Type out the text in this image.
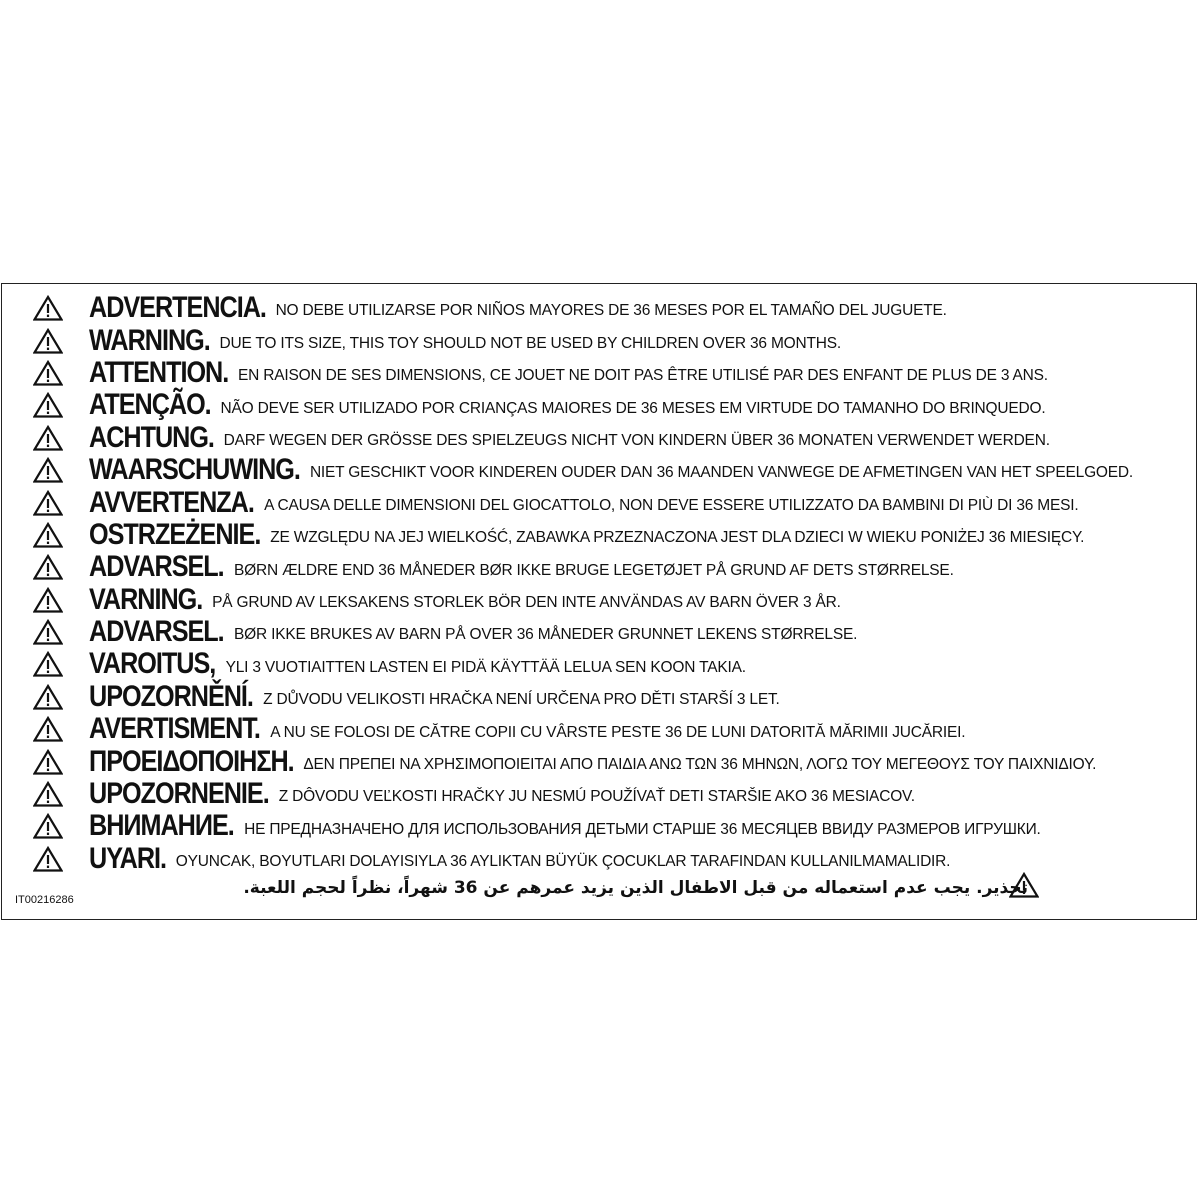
ADVERTENCIA. NO DEBE UTILIZARSE POR NIÑOS MAYORES DE 36 MESES POR EL TAMAÑO DEL JUGUETE.
WARNING. DUE TO ITS SIZE, THIS TOY SHOULD NOT BE USED BY CHILDREN OVER 36 MONTHS.
ATTENTION. EN RAISON DE SES DIMENSIONS, CE JOUET NE DOIT PAS ÊTRE UTILISÉ PAR DES ENFANT DE PLUS DE 3 ANS.
ATENÇÃO. NÃO DEVE SER UTILIZADO POR CRIANÇAS MAIORES DE 36 MESES EM VIRTUDE DO TAMANHO DO BRINQUEDO.
ACHTUNG. DARF WEGEN DER GRÖSSE DES SPIELZEUGS NICHT VON KINDERN ÜBER 36 MONATEN VERWENDET WERDEN.
WAARSCHUWING. NIET GESCHIKT VOOR KINDEREN OUDER DAN 36 MAANDEN VANWEGE DE AFMETINGEN VAN HET SPEELGOED.
AVVERTENZA. A CAUSA DELLE DIMENSIONI DEL GIOCATTOLO, NON DEVE ESSERE UTILIZZATO DA BAMBINI DI PIÙ DI 36 MESI.
OSTRZEŻENIE. ZE WZGLĘDU NA JEJ WIELKOŚĆ, ZABAWKA PRZEZNACZONA JEST DLA DZIECI W WIEKU PONIŻEJ 36 MIESIĘCY.
ADVARSEL. BØRN ÆLDRE END 36 MÅNEDER BØR IKKE BRUGE LEGETØJET PÅ GRUND AF DETS STØRRELSE.
VARNING. PÅ GRUND AV LEKSAKENS STORLEK BÖR DEN INTE ANVÄNDAS AV BARN ÖVER 3 ÅR.
ADVARSEL. BØR IKKE BRUKES AV BARN PÅ OVER 36 MÅNEDER GRUNNET LEKENS STØRRELSE.
VAROITUS, YLI 3 VUOTIAITTEN LASTEN EI PIDÄ KÄYTTÄÄ LELUA SEN KOON TAKIA.
UPOZORNĚNÍ. Z DŮVODU VELIKOSTI HRAČKA NENÍ URČENA PRO DĚTI STARŠÍ 3 LET.
AVERTISMENT. A NU SE FOLOSI DE CĂTRE COPII CU VÂRSTE PESTE 36 DE LUNI DATORITĂ MĂRIMII JUCĂRIEI.
ΠΡΟΕΙΔΟΠΟΙΗΣΗ. ΔΕΝ ΠΡΕΠΕΙ ΝΑ ΧΡΗΣΙΜΟΠΟΙΕΙΤΑΙ ΑΠΟ ΠΑΙΔΙΑ ΑΝΩ ΤΩΝ 36 ΜΗΝΩΝ, ΛΟΓΩ ΤΟΥ ΜΕΓΕΘΟΥΣ ΤΟΥ ΠΑΙΧΝΙΔΙΟΥ.
UPOZORNENIE. Z DÔVODU VEĽKOSTI HRAČKY JU NESMÚ POUŽÍVAŤ DETI STARŠIE AKO 36 MESIACOV.
ВНИМАНИЕ. НЕ ПРЕДНАЗНАЧЕНО ДЛЯ ИСПОЛЬЗОВАНИЯ ДЕТЬМИ СТАРШЕ 36 МЕСЯЦЕВ ВВИДУ РАЗМЕРОВ ИГРУШКИ.
UYARI. OYUNCAK, BOYUTLARI DOLAYISIYLA 36 AYLIKTAN BÜYÜK ÇOCUKLAR TARAFINDAN KULLANILMAMALIDIR.
تحذير. يجب عدم استعماله من قبل الاطفال الذين يزيد عمرهم عن 36 شهراً، نظراً لحجم اللعبة.
IT00216286
